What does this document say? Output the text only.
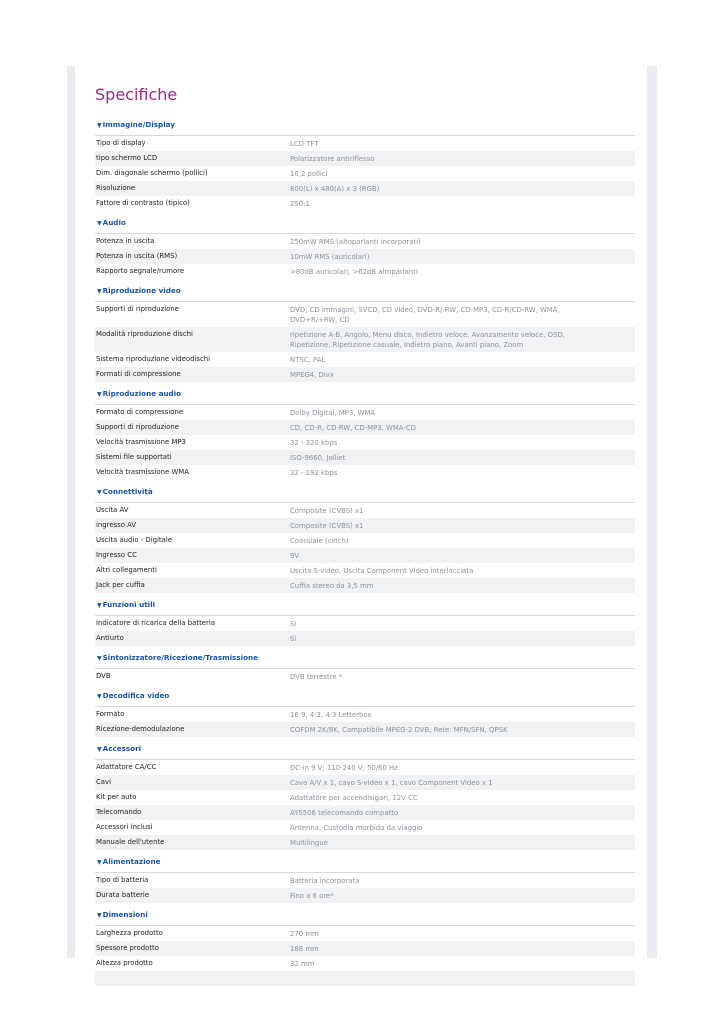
Specifiche
▼Immagine/Display
Tipo di display	LCD TFT
tipo schermo LCD	Polarizzatore antiriflesso
Dim. diagonale schermo (pollici)	10,2 pollici
Risoluzione	800(L) x 480(A) x 3 (RGB)
Fattore di contrasto (tipico)	250:1
▼Audio
Potenza in uscita	250mW RMS (altoparlanti incorporati)
Potenza in uscita (RMS)	10mW RMS (auricolari)
Rapporto segnale/rumore	>80dB auricolari, >62dB altoparlanti
▼Riproduzione video
Supporti di riproduzione	DVD, CD immagini, SVCD, CD video, DVD-R/-RW, CD-MP3, CD-R/CD-RW, WMA, DVD+R/+RW, CD
Modalità riproduzione dischi	ripetizione A-B, Angolo, Menu disco, Indietro veloce, Avanzamento veloce, OSD, Ripetizione, Ripetizione casuale, Indietro piano, Avanti piano, Zoom
Sistema riproduzione videodischi	NTSC, PAL
Formati di compressione	MPEG4, Divx
▼Riproduzione audio
Formato di compressione	Dolby Digital, MP3, WMA
Supporti di riproduzione	CD, CD-R, CD-RW, CD-MP3, WMA-CD
Velocità trasmissione MP3	32 - 320 kbps
Sistemi file supportati	ISO-9660, Jolliet
Velocità trasmissione WMA	32 - 192 kbps
▼Connettività
Uscita AV	Composite (CVBS) x1
ingresso AV	Composite (CVBS) x1
Uscita audio - Digitale	Coassiale (cinch)
Ingresso CC	9V
Altri collegamenti	Uscita S-video, Uscita Component Video interlacciata
Jack per cuffia	Cuffia stereo da 3,5 mm
▼Funzioni utili
Indicatore di ricarica della batteria	Sì
Antiurto	Sì
▼Sintonizzatore/Ricezione/Trasmissione
DVB	DVB terrestre *
▼Decodifica video
Formato	16:9, 4:3, 4:3 Letterbox
Ricezione-demodulazione	COFDM 2K/8K, Compatibile MPEG-2 DVB, Rete: MFN/SFN, QPSK
▼Accessori
Adattatore CA/CC	DC-in 9 V; 110-240 V, 50/60 Hz
Cavi	Cavo A/V x 1, cavo S-video x 1, cavo Component Video x 1
Kit per auto	Adattatore per accendisigari, 12V CC
Telecomando	AY5506 telecomando compatto
Accessori inclusi	Antenna, Custodia morbida da viaggio
Manuale dell'utente	Multilingue
▼Alimentazione
Tipo di batteria	Batteria incorporata
Durata batterie	Fino a 6 ore*
▼Dimensioni
Larghezza prodotto	270 mm
Spessore prodotto	188 mm
Altezza prodotto	32 mm
